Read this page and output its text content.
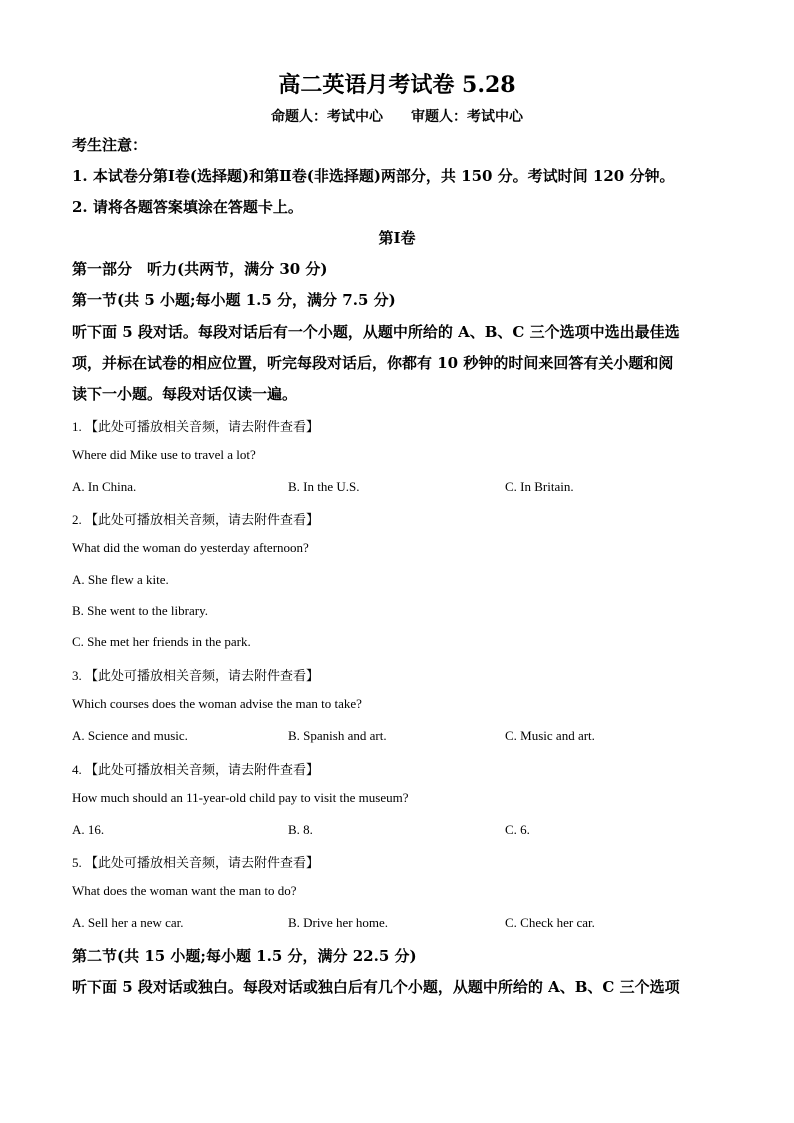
高二英语月考试卷 5.28
命题人：考试中心 审题人：考试中心
考生注意：
1. 本试卷分第Ⅰ卷(选择题)和第Ⅱ卷(非选择题)两部分，共 150 分。考试时间 120 分钟。
2. 请将各题答案填涂在答题卡上。
第Ⅰ卷
第一部分　听力(共两节，满分 30 分)
第一节(共 5 小题;每小题 1.5 分，满分 7.5 分)
听下面 5 段对话。每段对话后有一个小题，从题中所给的 A、B、C 三个选项中选出最佳选
项，并标在试卷的相应位置，听完每段对话后，你都有 10 秒钟的时间来回答有关小题和阅
读下一小题。每段对话仅读一遍。
1. 【此处可播放相关音频，请去附件查看】
Where did Mike use to travel a lot?
A. In China.	B. In the U.S.	C. In Britain.
2. 【此处可播放相关音频，请去附件查看】
What did the woman do yesterday afternoon?
A. She flew a kite.
B. She went to the library.
C. She met her friends in the park.
3. 【此处可播放相关音频，请去附件查看】
Which courses does the woman advise the man to take?
A. Science and music.	B. Spanish and art.	C. Music and art.
4. 【此处可播放相关音频，请去附件查看】
How much should an 11-year-old child pay to visit the museum?
A. 16.	B. 8.	C. 6.
5. 【此处可播放相关音频，请去附件查看】
What does the woman want the man to do?
A. Sell her a new car.	B. Drive her home.	C. Check her car.
第二节(共 15 小题;每小题 1.5 分，满分 22.5 分)
听下面 5 段对话或独白。每段对话或独白后有几个小题，从题中所给的 A、B、C 三个选项
